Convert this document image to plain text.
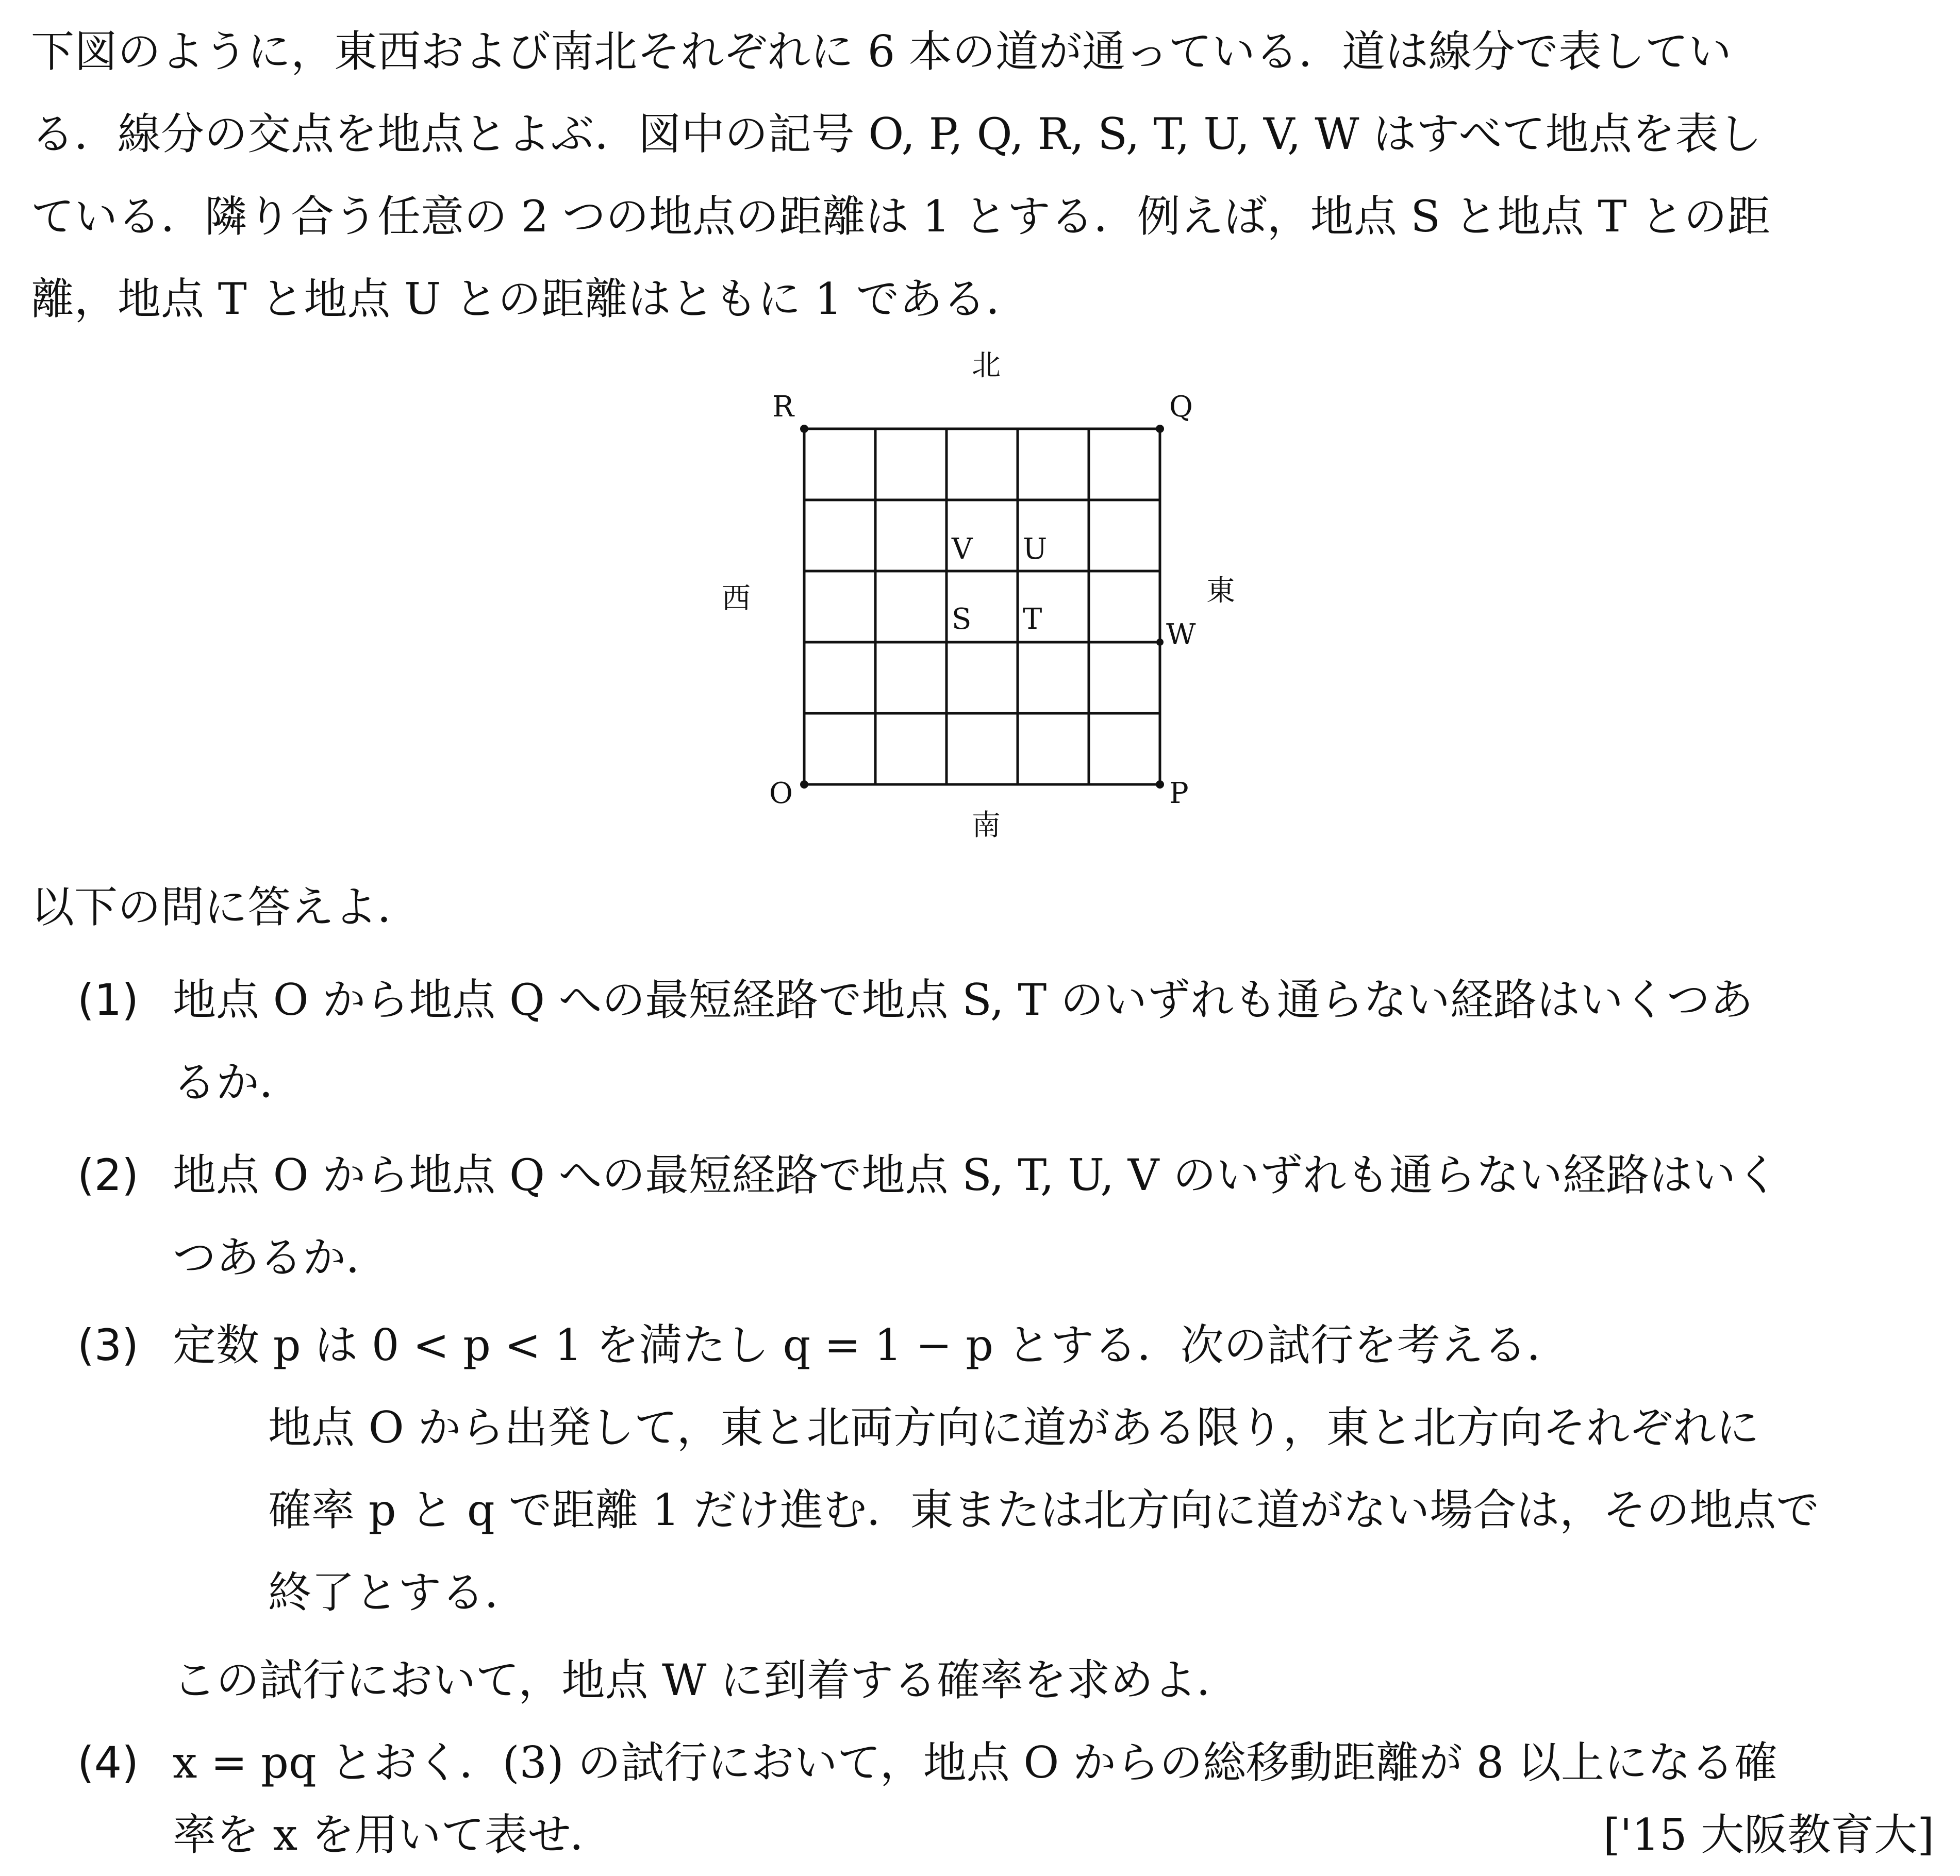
下図のように，東西および南北それぞれに 6 本の道が通っている．道は線分で表してい
る．線分の交点を地点とよぶ．図中の記号 O, P, Q, R, S, T, U, V, W はすべて地点を表し
ている．隣り合う任意の 2 つの地点の距離は 1 とする．例えば，地点 S と地点 T との距
離，地点 T と地点 U との距離はともに 1 である．
北
南
西	東
R	Q
O	P
V U
S T	W
以下の問に答えよ．
(1) 地点 O から地点 Q への最短経路で地点 S, T のいずれも通らない経路はいくつあ
るか．
(2) 地点 O から地点 Q への最短経路で地点 S, T, U, V のいずれも通らない経路はいく
つあるか．
(3) 定数 p は 0 < p < 1 を満たし q = 1 − p とする．次の試行を考える．
地点 O から出発して，東と北両方向に道がある限り，東と北方向それぞれに
確率 p と q で距離 1 だけ進む．東または北方向に道がない場合は，その地点で
終了とする．
この試行において，地点 W に到着する確率を求めよ．
(4) x = pq とおく．(3) の試行において，地点 O からの総移動距離が 8 以上になる確
率を x を用いて表せ．	['15 大阪教育大]
